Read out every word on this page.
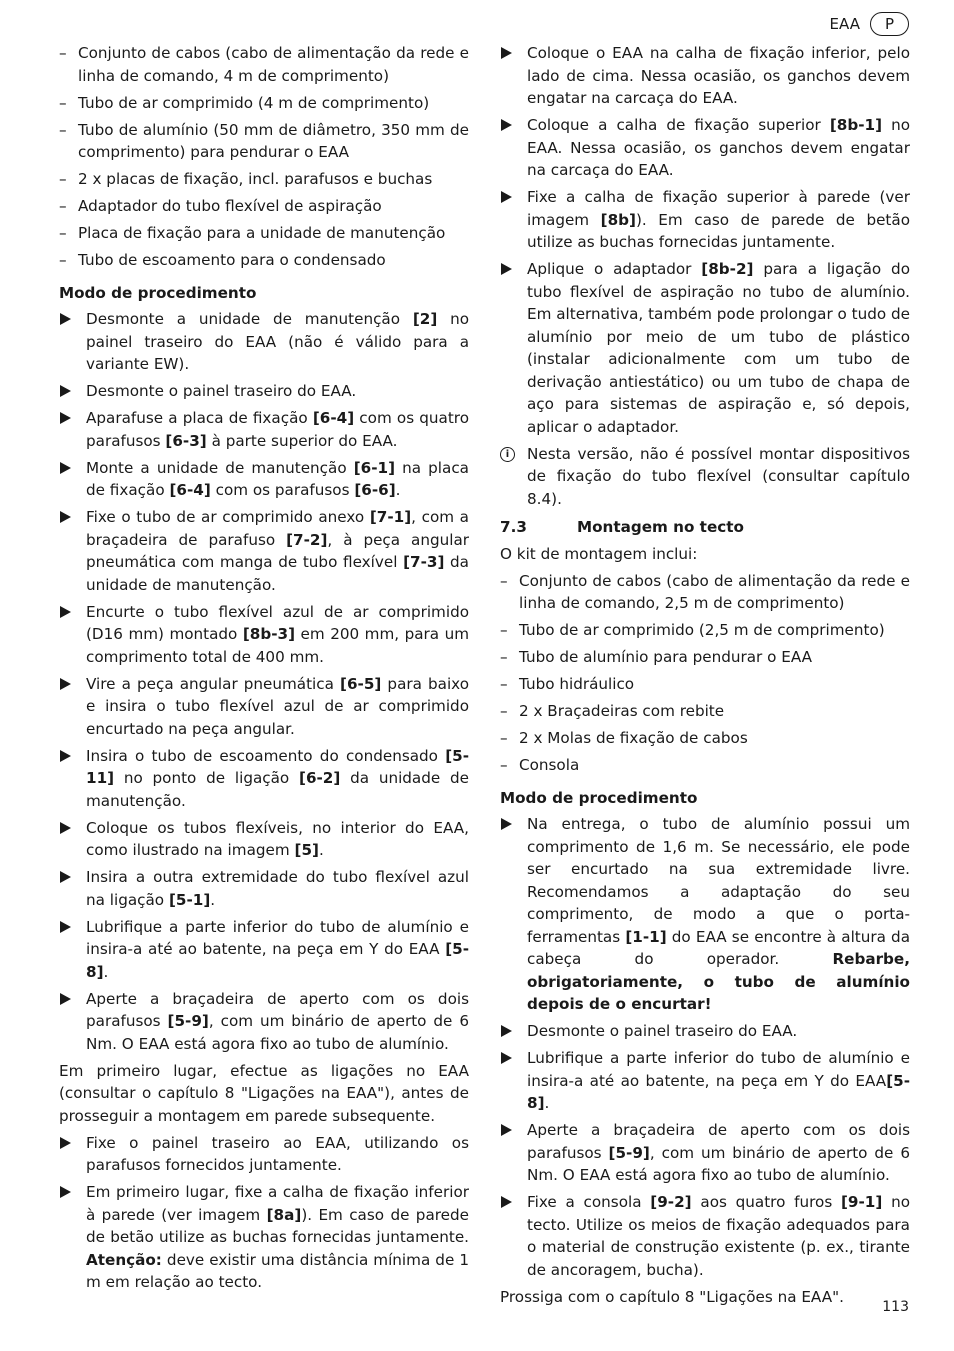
EAA	P
– Conjunto de cabos (cabo de alimentação da rede e linha de comando, 4 m de comprimento)
– Tubo de ar comprimido (4 m de comprimento)
– Tubo de alumínio (50 mm de diâmetro, 350 mm de comprimento) para pendurar o EAA
– 2 x placas de fixação, incl. parafusos e buchas
– Adaptador do tubo flexível de aspiração
– Placa de fixação para a unidade de manutenção
– Tubo de escoamento para o condensado
Modo de procedimento
Desmonte a unidade de manutenção [2] no painel traseiro do EAA (não é válido para a variante EW).
Desmonte o painel traseiro do EAA.
Aparafuse a placa de fixação [6-4] com os quatro parafusos [6-3] à parte superior do EAA.
Monte a unidade de manutenção [6-1] na placa de fixação [6-4] com os parafusos [6-6].
Fixe o tubo de ar comprimido anexo [7-1], com a braçadeira de parafuso [7-2], à peça angular pneumática com manga de tubo flexível [7-3] da unidade de manutenção.
Encurte o tubo flexível azul de ar comprimido (D16 mm) montado [8b-3] em 200 mm, para um comprimento total de 400 mm.
Vire a peça angular pneumática [6-5] para baixo e insira o tubo flexível azul de ar comprimido encurtado na peça angular.
Insira o tubo de escoamento do condensado [5-11] no ponto de ligação [6-2] da unidade de manutenção.
Coloque os tubos flexíveis, no interior do EAA, como ilustrado na imagem [5].
Insira a outra extremidade do tubo flexível azul na ligação [5-1].
Lubrifique a parte inferior do tubo de alumínio e insira-a até ao batente, na peça em Y do EAA [5-8].
Aperte a braçadeira de aperto com os dois parafusos [5-9], com um binário de aperto de 6 Nm. O EAA está agora fixo ao tubo de alumínio.
Em primeiro lugar, efectue as ligações no EAA (consultar o capítulo 8 "Ligações na EAA"), antes de prosseguir a montagem em parede subsequente.
Fixe o painel traseiro ao EAA, utilizando os parafusos fornecidos juntamente.
Em primeiro lugar, fixe a calha de fixação inferior à parede (ver imagem [8a]). Em caso de parede de betão utilize as buchas fornecidas juntamente. Atenção: deve existir uma distância mínima de 1 m em relação ao tecto.
Coloque o EAA na calha de fixação inferior, pelo lado de cima. Nessa ocasião, os ganchos devem engatar na carcaça do EAA.
Coloque a calha de fixação superior [8b-1] no EAA. Nessa ocasião, os ganchos devem engatar na carcaça do EAA.
Fixe a calha de fixação superior à parede (ver imagem [8b]). Em caso de parede de betão utilize as buchas fornecidas juntamente.
Aplique o adaptador [8b-2] para a ligação do tubo flexível de aspiração no tubo de alumínio. Em alternativa, também pode prolongar o tudo de alumínio por meio de um tubo de plástico (instalar adicionalmente com um tubo de derivação antiestático) ou um tubo de chapa de aço para sistemas de aspiração e, só depois, aplicar o adaptador.
i	Nesta versão, não é possível montar dispositivos de fixação do tubo flexível (consultar capítulo 8.4).
7.3	Montagem no tecto
O kit de montagem inclui:
– Conjunto de cabos (cabo de alimentação da rede e linha de comando, 2,5 m de comprimento)
– Tubo de ar comprimido (2,5 m de comprimento)
– Tubo de alumínio para pendurar o EAA
– Tubo hidráulico
– 2 x Braçadeiras com rebite
– 2 x Molas de fixação de cabos
– Consola
Modo de procedimento
Na entrega, o tubo de alumínio possui um comprimento de 1,6 m. Se necessário, ele pode ser encurtado na sua extremidade livre. Recomendamos a adaptação do seu comprimento, de modo a que o porta-ferramentas [1-1] do EAA se encontre à altura da cabeça do operador. Rebarbe, obrigatoriamente, o tubo de alumínio depois de o encurtar!
Desmonte o painel traseiro do EAA.
Lubrifique a parte inferior do tubo de alumínio e insira-a até ao batente, na peça em Y do EAA[5-8].
Aperte a braçadeira de aperto com os dois parafusos [5-9], com um binário de aperto de 6 Nm. O EAA está agora fixo ao tubo de alumínio.
Fixe a consola [9-2] aos quatro furos [9-1] no tecto. Utilize os meios de fixação adequados para o material de construção existente (p. ex., tirante de ancoragem, bucha).
Prossiga com o capítulo 8 "Ligações na EAA".
113
